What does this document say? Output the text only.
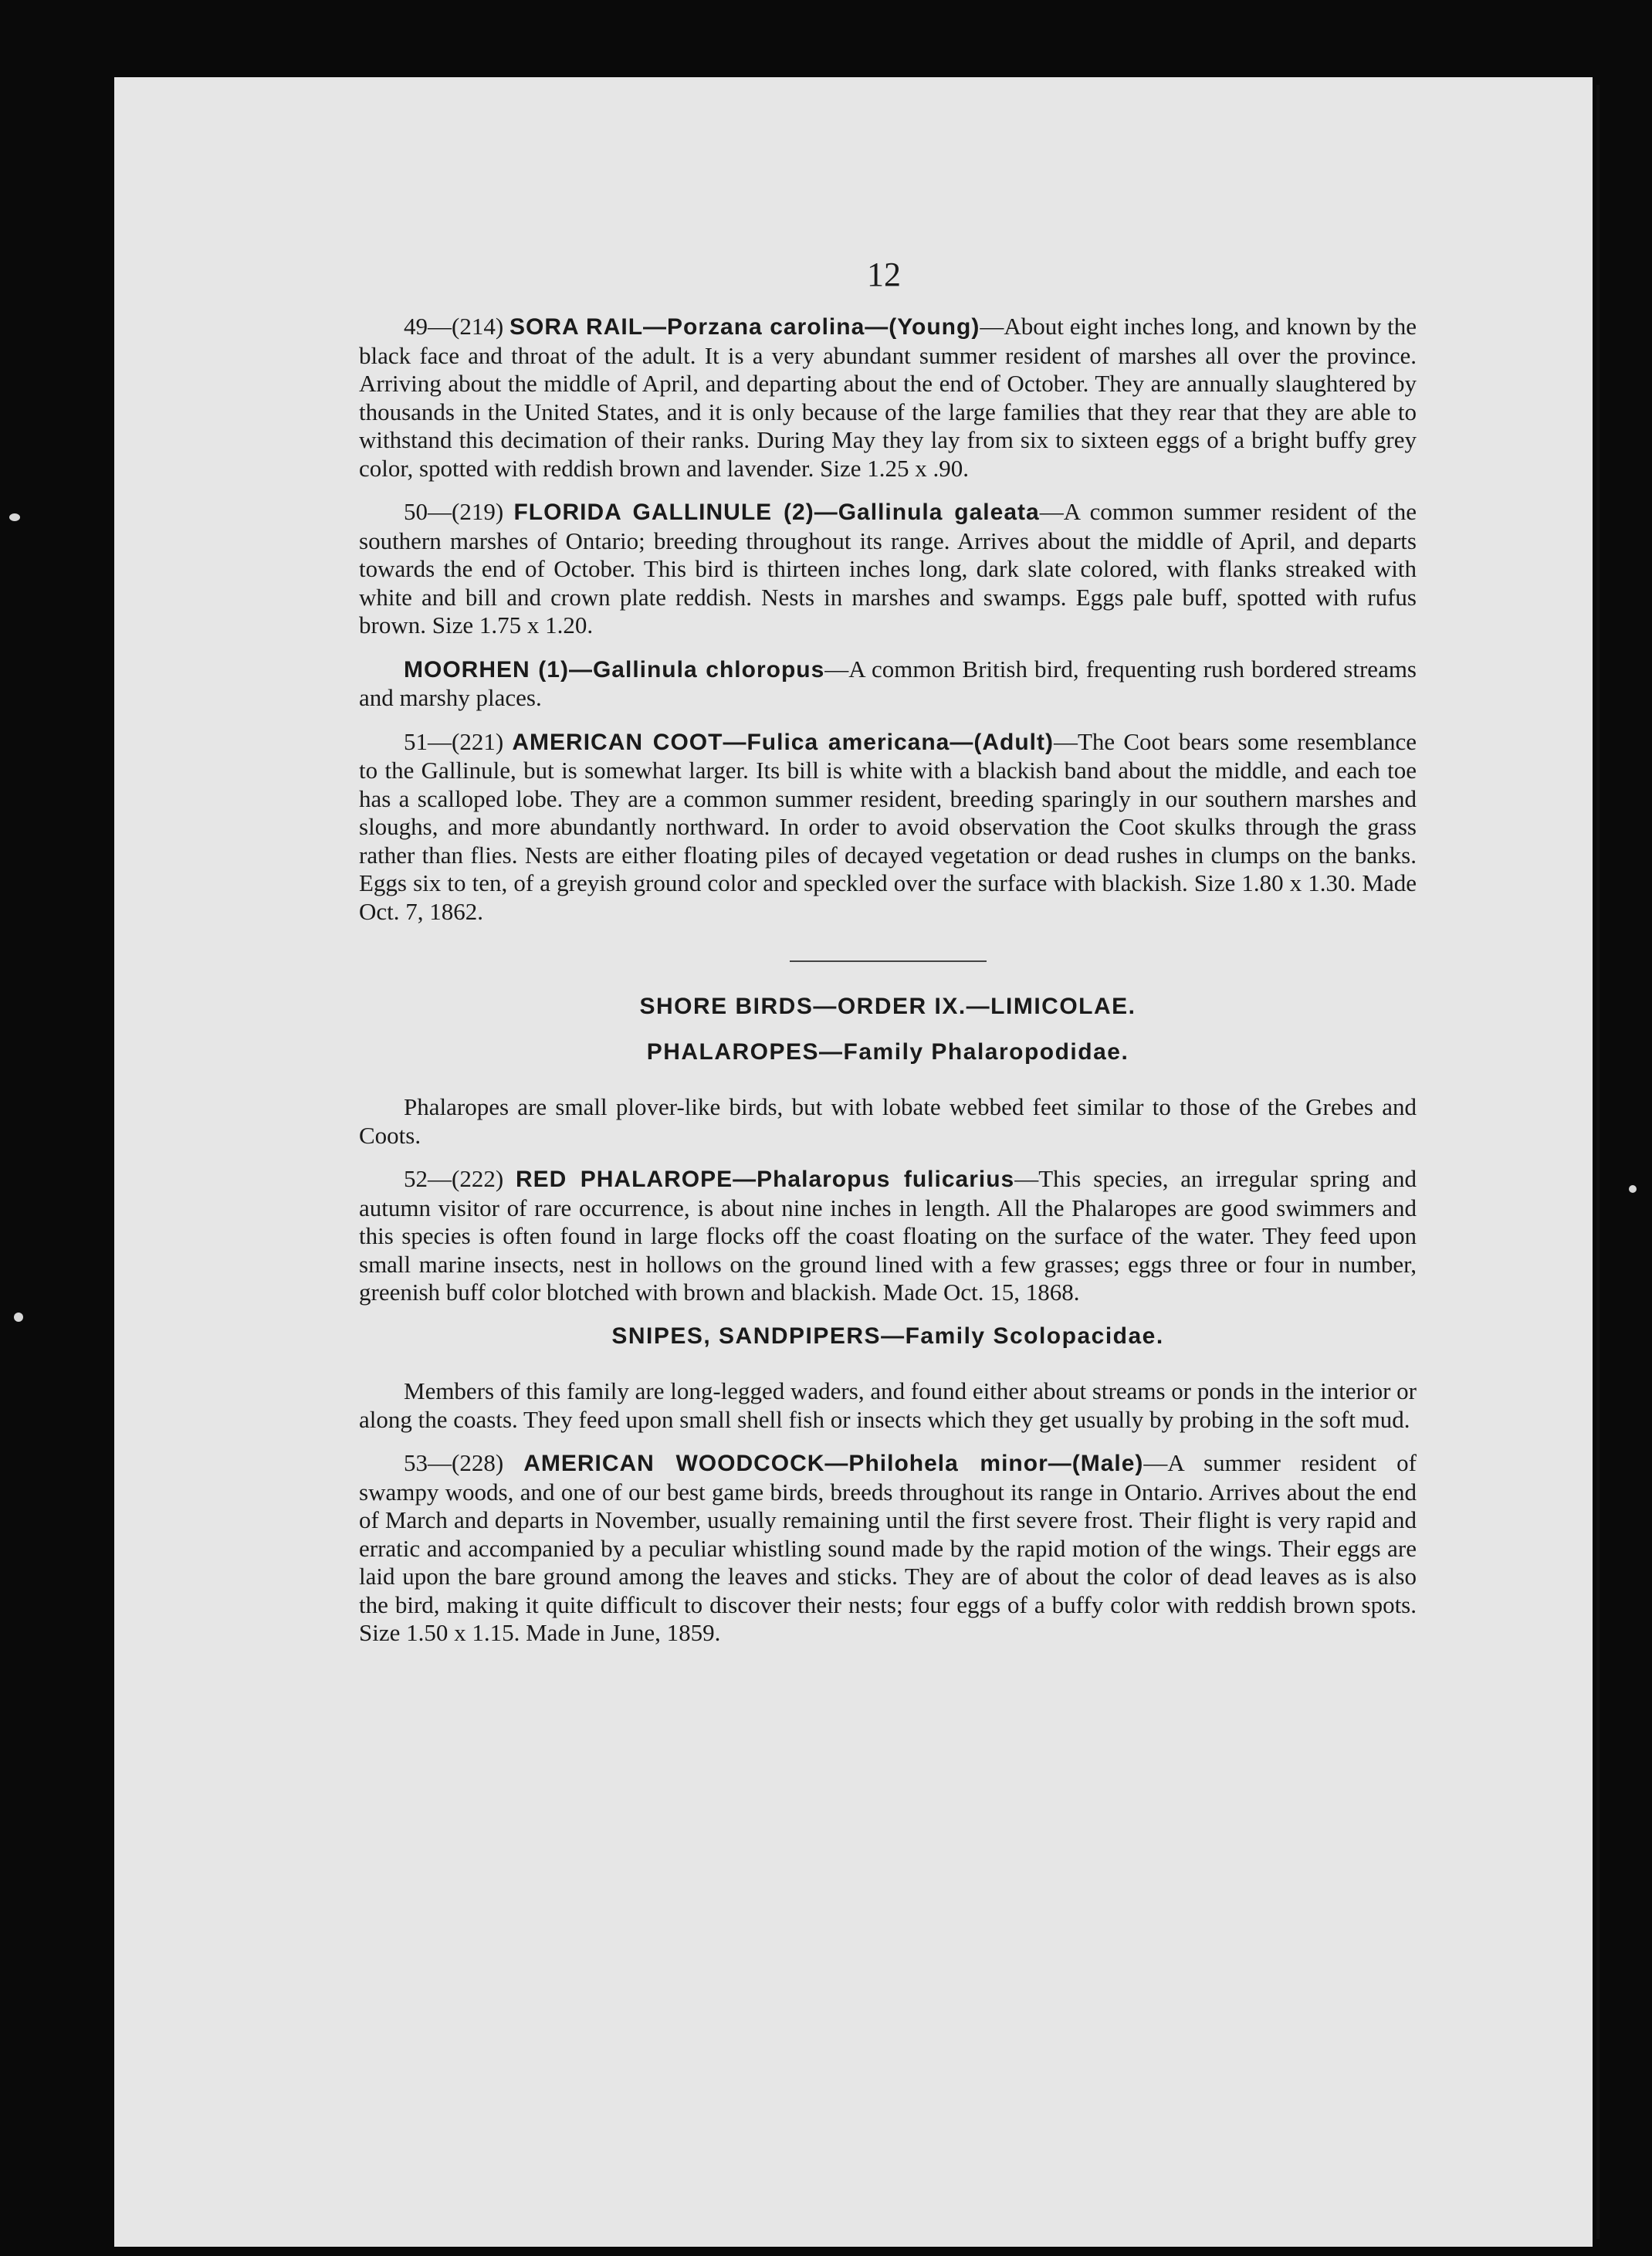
12

49—(214) SORA RAIL—Porzana carolina—(Young)—About eight inches long, and known by the black face and throat of the adult. It is a very abundant summer resident of marshes all over the province. Arriving about the middle of April, and departing about the end of October. They are annually slaughtered by thousands in the United States, and it is only because of the large families that they rear that they are able to withstand this decimation of their ranks. During May they lay from six to sixteen eggs of a bright buffy grey color, spotted with reddish brown and lavender. Size 1.25 x .90.

50—(219) FLORIDA GALLINULE (2)—Gallinula galeata—A common summer resident of the southern marshes of Ontario; breeding throughout its range. Arrives about the middle of April, and departs towards the end of October. This bird is thirteen inches long, dark slate colored, with flanks streaked with white and bill and crown plate reddish. Nests in marshes and swamps. Eggs pale buff, spotted with rufus brown. Size 1.75 x 1.20.

MOORHEN (1)—Gallinula chloropus—A common British bird, frequenting rush bordered streams and marshy places.

51—(221) AMERICAN COOT—Fulica americana—(Adult)—The Coot bears some resemblance to the Gallinule, but is somewhat larger. Its bill is white with a blackish band about the middle, and each toe has a scalloped lobe. They are a common summer resident, breeding sparingly in our southern marshes and sloughs, and more abundantly northward. In order to avoid observation the Coot skulks through the grass rather than flies. Nests are either floating piles of decayed vegetation or dead rushes in clumps on the banks. Eggs six to ten, of a greyish ground color and speckled over the surface with blackish. Size 1.80 x 1.30. Made Oct. 7, 1862.

SHORE BIRDS—ORDER IX.—LIMICOLAE.
PHALAROPES—Family Phalaropodidae.

Phalaropes are small plover-like birds, but with lobate webbed feet similar to those of the Grebes and Coots.

52—(222) RED PHALAROPE—Phalaropus fulicarius—This species, an irregular spring and autumn visitor of rare occurrence, is about nine inches in length. All the Phalaropes are good swimmers and this species is often found in large flocks off the coast floating on the surface of the water. They feed upon small marine insects, nest in hollows on the ground lined with a few grasses; eggs three or four in number, greenish buff color blotched with brown and blackish. Made Oct. 15, 1868.

SNIPES, SANDPIPERS—Family Scolopacidae.

Members of this family are long-legged waders, and found either about streams or ponds in the interior or along the coasts. They feed upon small shell fish or insects which they get usually by probing in the soft mud.

53—(228) AMERICAN WOODCOCK—Philohela minor—(Male)—A summer resident of swampy woods, and one of our best game birds, breeds throughout its range in Ontario. Arrives about the end of March and departs in November, usually remaining until the first severe frost. Their flight is very rapid and erratic and accompanied by a peculiar whistling sound made by the rapid motion of the wings. Their eggs are laid upon the bare ground among the leaves and sticks. They are of about the color of dead leaves as is also the bird, making it quite difficult to discover their nests; four eggs of a buffy color with reddish brown spots. Size 1.50 x 1.15. Made in June, 1859.
